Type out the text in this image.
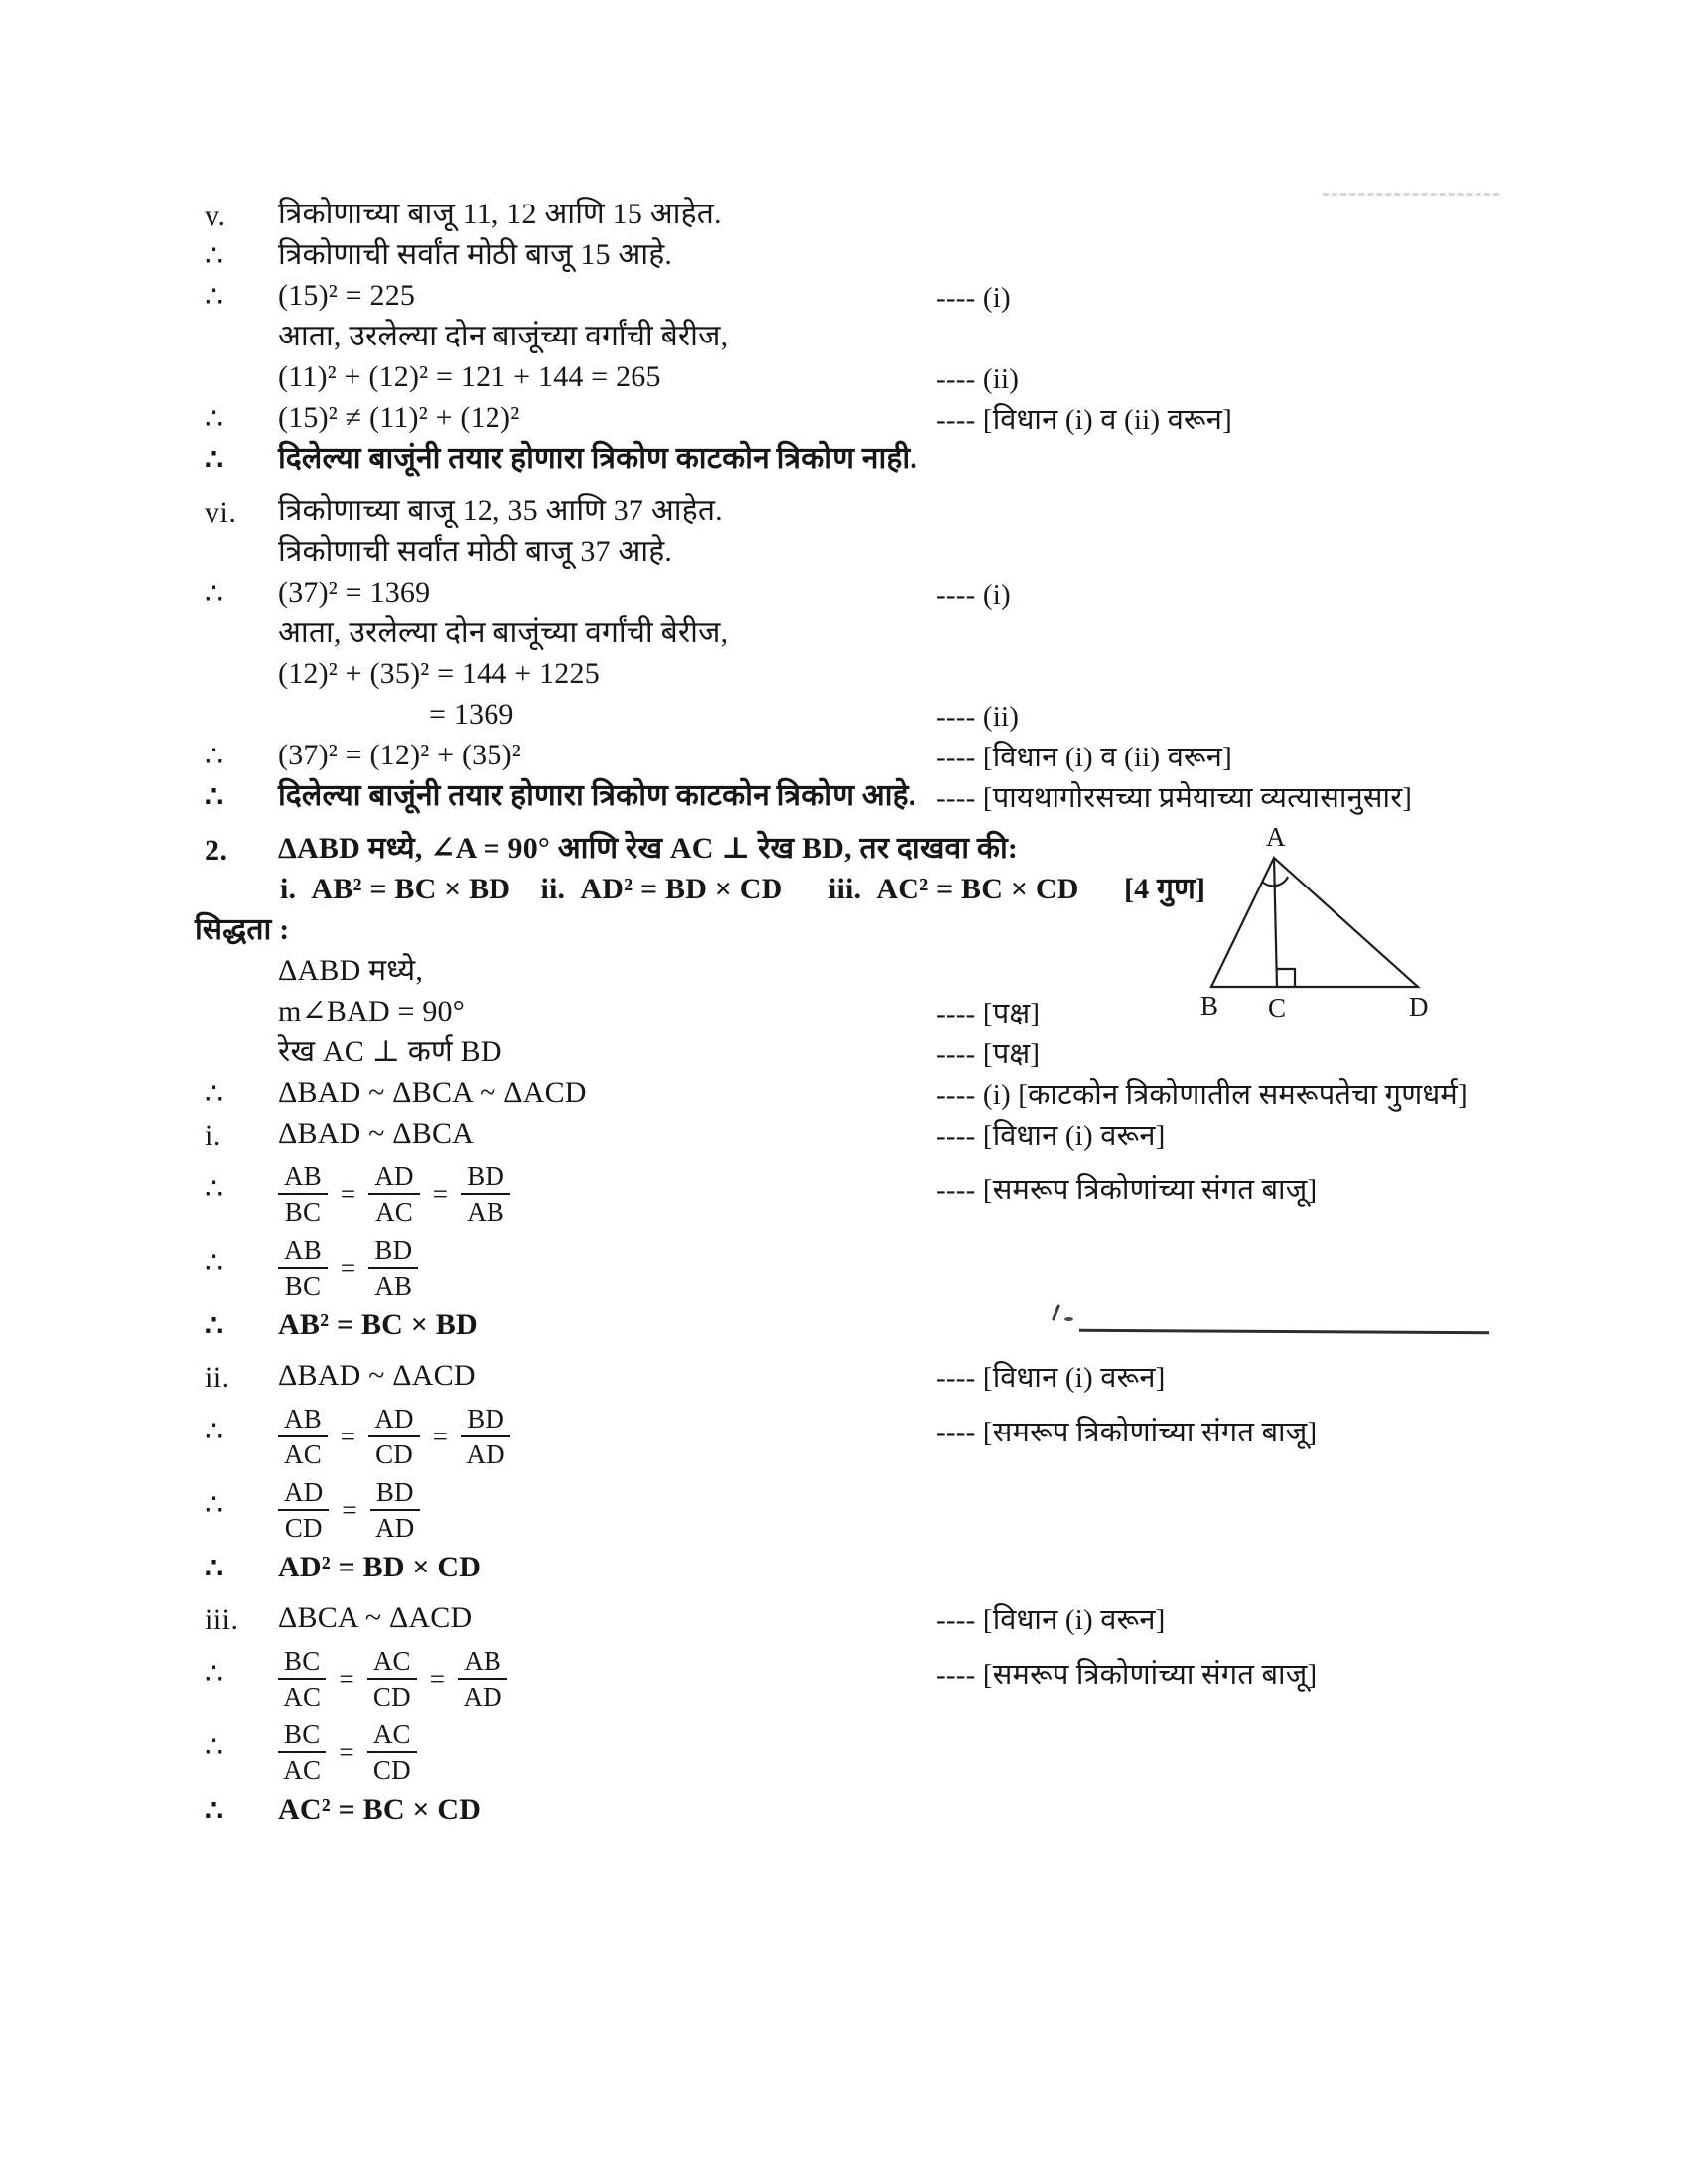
v.	त्रिकोणाच्या बाजू 11, 12 आणि 15 आहेत.
∴	त्रिकोणाची सर्वांत मोठी बाजू 15 आहे.
∴	(15)² = 225	---- (i)
आता, उरलेल्या दोन बाजूंच्या वर्गांची बेरीज,
(11)² + (12)² = 121 + 144 = 265	---- (ii)
∴	(15)² ≠ (11)² + (12)²	---- [विधान (i) व (ii) वरून]
∴	दिलेल्या बाजूंनी तयार होणारा त्रिकोण काटकोन त्रिकोण नाही.
vi.	त्रिकोणाच्या बाजू 12, 35 आणि 37 आहेत.
त्रिकोणाची सर्वांत मोठी बाजू 37 आहे.
∴	(37)² = 1369	---- (i)
आता, उरलेल्या दोन बाजूंच्या वर्गांची बेरीज,
(12)² + (35)² = 144 + 1225
= 1369	---- (ii)
∴	(37)² = (12)² + (35)²	---- [विधान (i) व (ii) वरून]
∴	दिलेल्या बाजूंनी तयार होणारा त्रिकोण काटकोन त्रिकोण आहे. ---- [पायथागोरसच्या प्रमेयाच्या व्यत्यासानुसार]
2.	ΔABD मध्ये, ∠A = 90° आणि रेख AC ⊥ रेख BD, तर दाखवा की:
i. AB² = BC × BD ii. AD² = BD × CD  iii. AC² = BC × CD  [4 गुण]
सिद्धता :
ΔABD मध्ये,
m∠BAD = 90°	---- [पक्ष]
रेख AC ⊥ कर्ण BD	---- [पक्ष]
∴	ΔBAD ~ ΔBCA ~ ΔACD	---- (i) [काटकोन त्रिकोणातील समरूपतेचा गुणधर्म]
i.	ΔBAD ~ ΔBCA	---- [विधान (i) वरून]
∴	$\frac{AB}{BC} = \frac{AD}{AC} = \frac{BD}{AB}$	---- [समरूप त्रिकोणांच्या संगत बाजू]
∴	$\frac{AB}{BC} = \frac{BD}{AB}$
∴	AB² = BC × BD
ii.	ΔBAD ~ ΔACD	---- [विधान (i) वरून]
∴	$\frac{AB}{AC} = \frac{AD}{CD} = \frac{BD}{AD}$	---- [समरूप त्रिकोणांच्या संगत बाजू]
∴	$\frac{AD}{CD} = \frac{BD}{AD}$
∴	AD² = BD × CD
iii.	ΔBCA ~ ΔACD	---- [विधान (i) वरून]
∴	$\frac{BC}{AC} = \frac{AC}{CD} = \frac{AB}{AD}$	---- [समरूप त्रिकोणांच्या संगत बाजू]
∴	$\frac{BC}{AC} = \frac{AC}{CD}$
∴	AC² = BC × CD
A
B C	D
